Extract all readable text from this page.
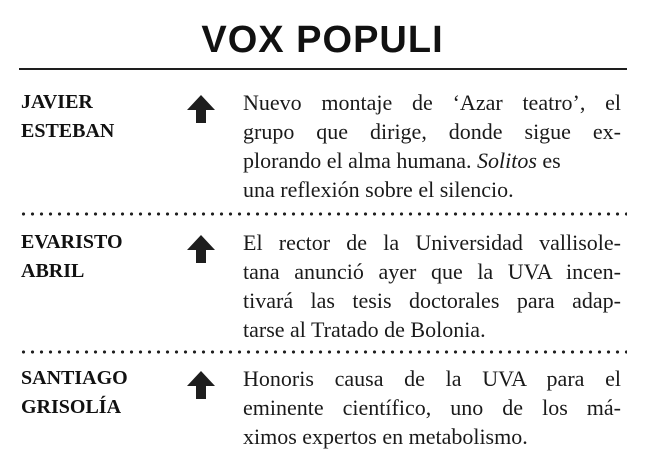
VOX POPULI
JAVIER
ESTEBAN
Nuevo montaje de ‘Azar teatro’, el
grupo que dirige, donde sigue ex-
plorando el alma humana. Solitos es
una reflexión sobre el silencio.
EVARISTO
ABRIL
El rector de la Universidad vallisole-
tana anunció ayer que la UVA incen-
tivará las tesis doctorales para adap-
tarse al Tratado de Bolonia.
SANTIAGO
GRISOLÍA
Honoris causa de la UVA para el
eminente científico, uno de los má-
ximos expertos en metabolismo.
